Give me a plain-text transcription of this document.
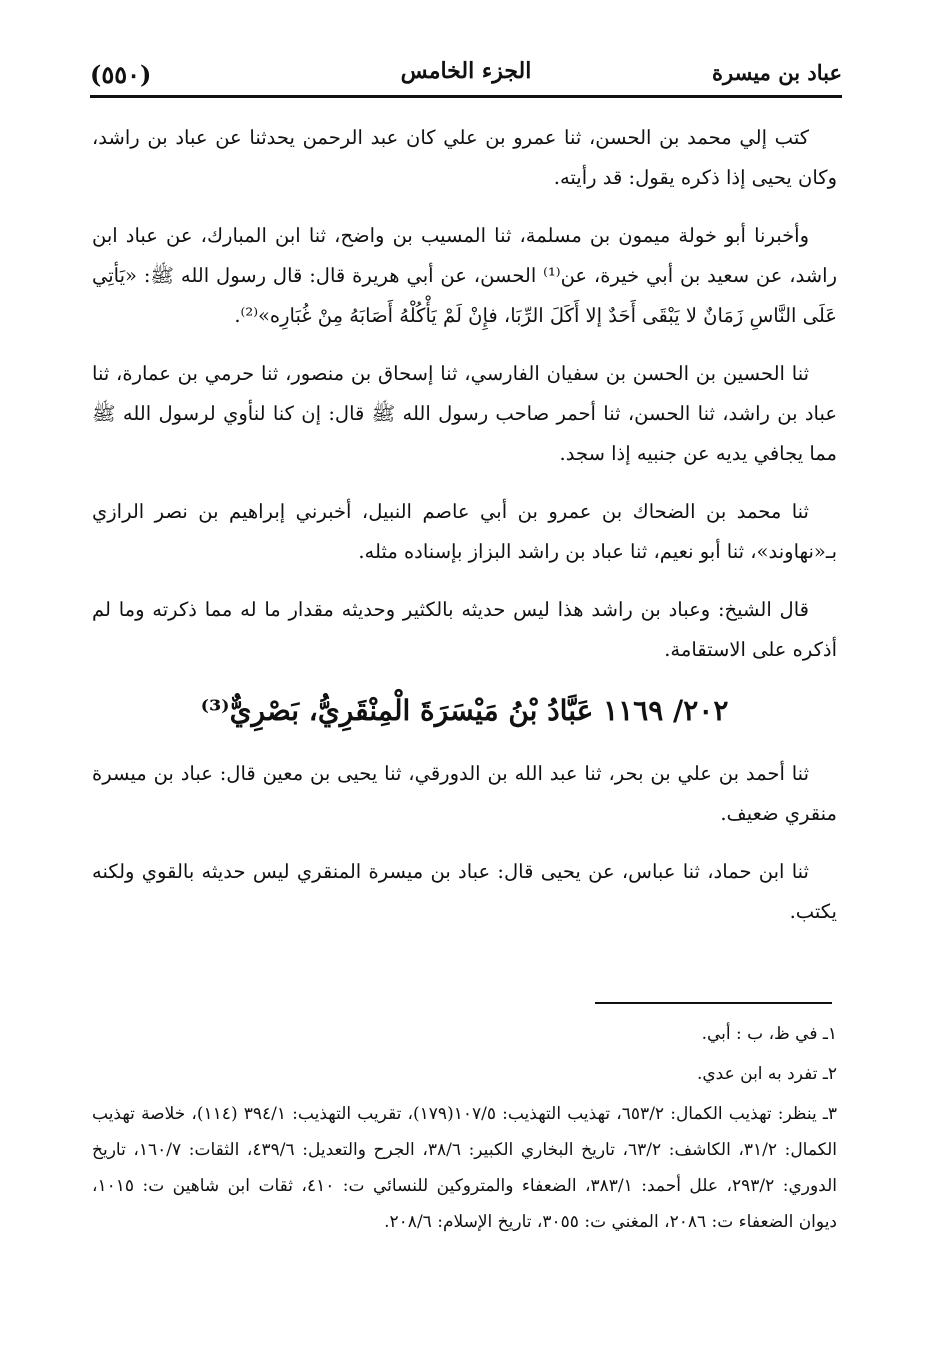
عباد بن ميسرة
الجزء الخامس
(٥٥٠)

كتب إلي محمد بن الحسن، ثنا عمرو بن علي كان عبد الرحمن يحدثنا عن عباد بن راشد، وكان يحيى إذا ذكره يقول: قد رأيته.

وأخبرنا أبو خولة ميمون بن مسلمة، ثنا المسيب بن واضح، ثنا ابن المبارك، عن عباد ابن راشد، عن سعيد بن أبي خيرة، عن⁽¹⁾ الحسن، عن أبي هريرة قال: قال رسول الله ﷺ: «يَأتِي عَلَى النَّاسِ زَمَانٌ لا يَبْقَى أَحَدٌ إلا أَكَلَ الرِّبَا، فإِنْ لَمْ يَأْكُلْهُ أَصَابَهُ مِنْ غُبَارِه»⁽²⁾.

ثنا الحسين بن الحسن بن سفيان الفارسي، ثنا إسحاق بن منصور، ثنا حرمي بن عمارة، ثنا عباد بن راشد، ثنا الحسن، ثنا أحمر صاحب رسول الله ﷺ قال: إن كنا لنأوي لرسول الله ﷺ مما يجافي يديه عن جنبيه إذا سجد.

ثنا محمد بن الضحاك بن عمرو بن أبي عاصم النبيل، أخبرني إبراهيم بن نصر الرازي بـ«نهاوند»، ثنا أبو نعيم، ثنا عباد بن راشد البزاز بإسناده مثله.

قال الشيخ: وعباد بن راشد هذا ليس حديثه بالكثير وحديثه مقدار ما له مما ذكرته وما لم أذكره على الاستقامة.

٢٠٢/ ١١٦٩ عَبَّادُ بْنُ مَيْسَرَةَ الْمِنْقَرِيُّ، بَصْرِيٌّ⁽³⁾

ثنا أحمد بن علي بن بحر، ثنا عبد الله بن الدورقي، ثنا يحيى بن معين قال: عباد بن ميسرة منقري ضعيف.

ثنا ابن حماد، ثنا عباس، عن يحيى قال: عباد بن ميسرة المنقري ليس حديثه بالقوي ولكنه يكتب.

١ـ في ظ، ب : أبي.

٢ـ تفرد به ابن عدي.

٣ـ ينظر: تهذيب الكمال: ٦٥٣/٢، تهذيب التهذيب: ١٠٧/٥(١٧٩)، تقريب التهذيب: ٣٩٤/١ (١١٤)، خلاصة تهذيب الكمال: ٣١/٢، الكاشف: ٦٣/٢، تاريخ البخاري الكبير: ٣٨/٦، الجرح والتعديل: ٤٣٩/٦، الثقات: ١٦٠/٧، تاريخ الدوري: ٢٩٣/٢، علل أحمد: ٣٨٣/١، الضعفاء والمتروكين للنسائي ت: ٤١٠، ثقات ابن شاهين ت: ١٠١٥، ديوان الضعفاء ت: ٢٠٨٦، المغني ت: ٣٠٥٥، تاريخ الإسلام: ٢٠٨/٦.
